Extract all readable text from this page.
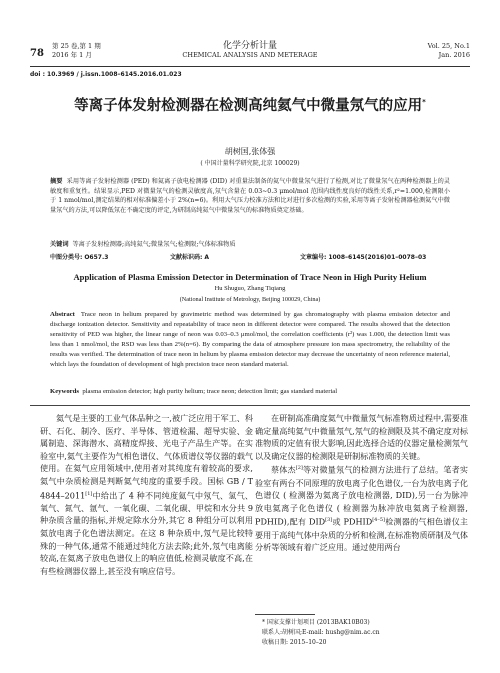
78
第 25 卷,第 1 期
2016 年 1 月
化学分析计量
CHEMICAL ANALYSIS AND METERAGE
Vol. 25, No.1
Jan. 2016
doi : 10.3969 / j.issn.1008–6145.2016.01.023
等离子体发射检测器在检测高纯氦气中微量氖气的应用*
胡树国,张体强
( 中国计量科学研究院,北京 100029)
摘要 采用等离子发射检测器 (PED) 和氦离子放电检测器 (DID) 对重量法制备的氦气中微量氖气进行了检测,对比了微量氖气在两种检测器上的灵敏度和重复性。结果显示,PED 对微量氖气的检测灵敏度高,氖气含量在 0.03~0.3 μmol/mol 范围内线性度良好的线性关系,r²=1.000,检测限小于 1 nmol/mol,测定结果的相对标准偏差小于 2%(n=6)。利用大气压力校准方法和比对进行多次检测的实验,采用等离子发射检测器检测氦气中微量氖气的方法,可以降低氖在不确定度的评定,为研制高纯氦气中微量氖气的标准物质奠定基础。
关键词 等离子发射检测器;高纯氦气;微量氖气;检测限;气体标准物质
中图分类号: O657.3	文献标识码: A	文章编号: 1008–6145(2016)01–0078–03
Application of Plasma Emission Detector in Determination of Trace Neon in High Purity Helium
Hu Shuguo, Zhang Tiqiang
(National Institute of Metrology, Beijing 100029, China)
Abstract Trace neon in helium prepared by gravimetric method was determined by gas chromatography with plasma emission detector and discharge ionization detector. Sensitivity and repeatability of trace neon in different detector were compared. The results showed that the detection sensitivity of PED was higher, the linear range of neon was 0.03–0.3 μmol/mol, the correlation coefficients (r²) was 1.000, the detection limit was less than 1 nmol/mol, the RSD was less than 2%(n=6). By comparing the data of atmosphere pressure ion mass spectrometry, the reliability of the results was verified. The determination of trace neon in helium by plasma emission detector may decrease the uncertainty of neon reference material, which lays the foundation of development of high precision trace neon standard material.
Keywords plasma emission detector; high purity helium; trace neon; detection limit; gas standard material

氦气是主要的工业气体品种之一,被广泛应用于军工、科研、石化、制冷、医疗、半导体、管道检漏、超导实验、金属制造、深海潜水、高精度焊接、光电子产品生产等。在实验室中,氦气主要作为气相色谱仪、气体质谱仪等仪器的载气使用。在氦气应用领域中,使用者对其纯度有着较高的要求,氦气中杂质检测是判断氦气纯度的重要手段。国标 GB / T 4844–2011[1]中给出了 4 种不同纯度氦气中氖气、氢气、氧气、氮气、氩气、一氧化碳、二氧化碳、甲烷和水分共 9 种杂质含量的指标,并规定除水分外,其它 8 种组分可以利用氦放电离子化色谱法测定。在这 8 种杂质中,氖气是比较特殊的一种气体,通常不能通过纯化方法去除;此外,氖气电离能较高,在氦离子放电色谱仪上的响应值低,检测灵敏度不高,在有些检测器仪器上,甚至没有响应信号。

在研制高准确度氦气中微量氖气标准物质过程中,需要准确定量高纯氦气中微量氖气,氖气的检测限及其不确定度对标准物质的定值有很大影响,因此选择合适的仪器定量检测氖气以及确定仪器的检测限是研制标准物质的关键。

蔡体杰[2]等对微量氖气的检测方法进行了总结。笔者实验室有两台不同原理的放电离子化色谱仪,一台为放电离子化色谱仪 ( 检测器为氦离子放电检测器, DID),另一台为脉冲放电氦离子化色谱仪 ( 检测器为脉冲放电氦离子检测器, PDHID),配有 DID[3]或 PDHID[4–5]检测器的气相色谱仪主要用于高纯气体中杂质的分析和检测,在标准物质研制及气体分析等领域有着广泛应用。通过使用两台

* 国家支撑计划项目 (2013BAK10B03)
联系人:胡树国;E-mail: hushg@nim.ac.cn
收稿日期: 2015–10–20
